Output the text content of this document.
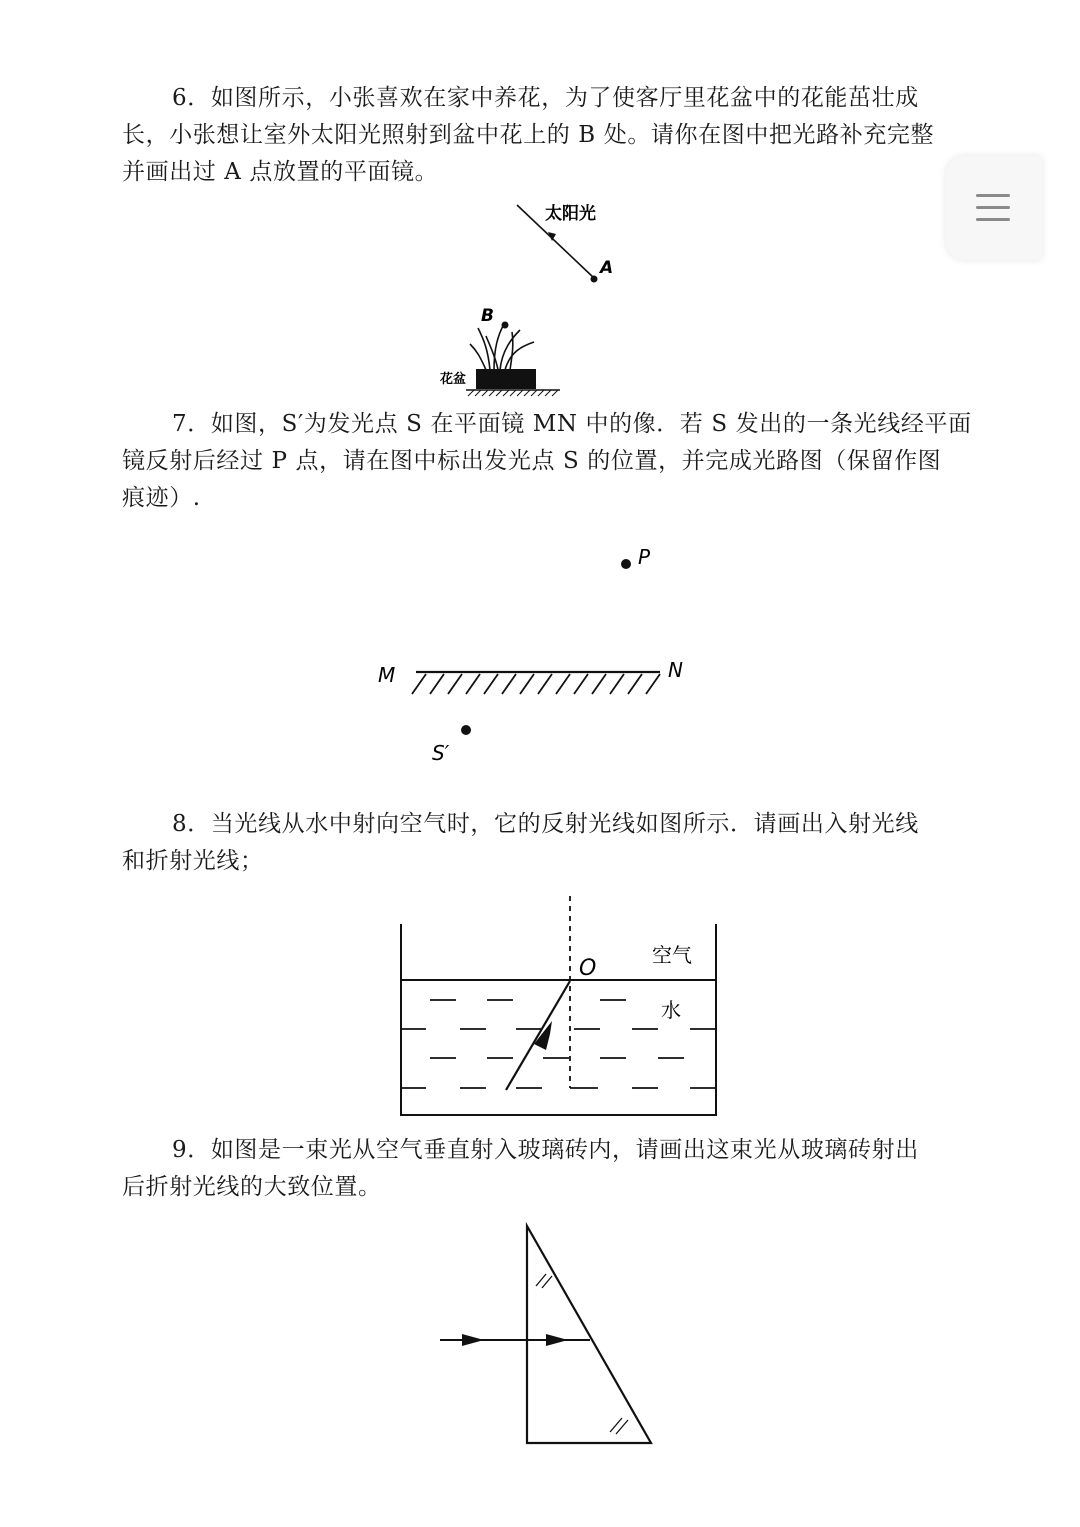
6．如图所示，小张喜欢在家中养花，为了使客厅里花盆中的花能茁壮成
长，小张想让室外太阳光照射到盆中花上的 B 处。请你在图中把光路补充完整
并画出过 A 点放置的平面镜。
太阳光
A
B
花盆
7．如图，S′为发光点 S 在平面镜 MN 中的像．若 S 发出的一条光线经平面
镜反射后经过 P 点，请在图中标出发光点 S 的位置，并完成光路图（保留作图
痕迹）.
P
M	N
S′
8．当光线从水中射向空气时，它的反射光线如图所示．请画出入射光线
和折射光线；
O
空气
水
9．如图是一束光从空气垂直射入玻璃砖内，请画出这束光从玻璃砖射出
后折射光线的大致位置。
